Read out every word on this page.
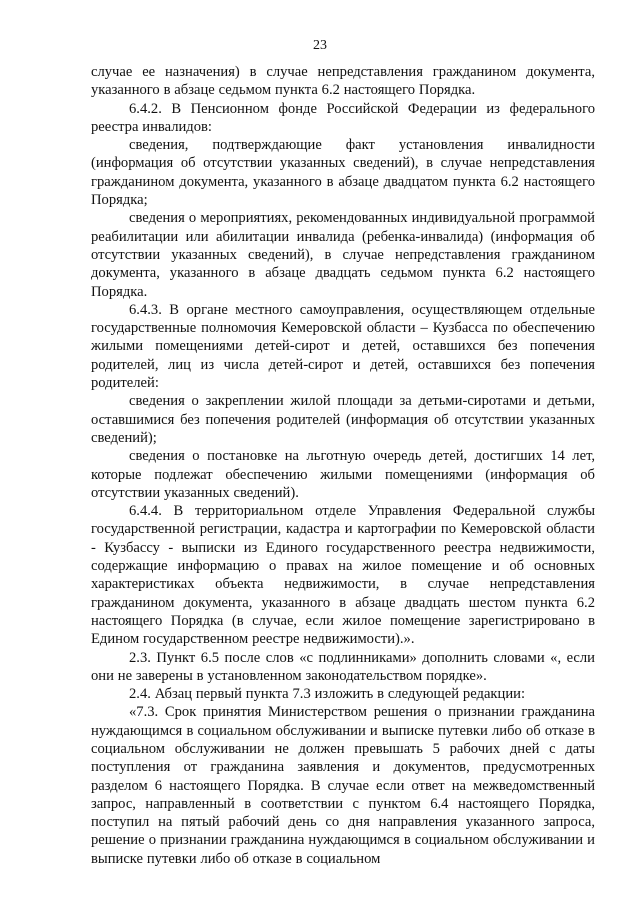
23

случае ее назначения) в случае непредставления гражданином документа, указанного в абзаце седьмом пункта 6.2 настоящего Порядка.

6.4.2. В Пенсионном фонде Российской Федерации из федерального реестра инвалидов:

сведения, подтверждающие факт установления инвалидности (информация об отсутствии указанных сведений), в случае непредставления гражданином документа, указанного в абзаце двадцатом пункта 6.2 настоящего Порядка;

сведения о мероприятиях, рекомендованных индивидуальной программой реабилитации или абилитации инвалида (ребенка-инвалида) (информация об отсутствии указанных сведений), в случае непредставления гражданином документа, указанного в абзаце двадцать седьмом пункта 6.2 настоящего Порядка.

6.4.3. В органе местного самоуправления, осуществляющем отдельные государственные полномочия Кемеровской области – Кузбасса по обеспечению жилыми помещениями детей-сирот и детей, оставшихся без попечения родителей, лиц из числа детей-сирот и детей, оставшихся без попечения родителей:

сведения о закреплении жилой площади за детьми-сиротами и детьми, оставшимися без попечения родителей (информация об отсутствии указанных сведений);

сведения о постановке на льготную очередь детей, достигших 14 лет, которые подлежат обеспечению жилыми помещениями (информация об отсутствии указанных сведений).

6.4.4. В территориальном отделе Управления Федеральной службы государственной регистрации, кадастра и картографии по Кемеровской области - Кузбассу - выписки из Единого государственного реестра недвижимости, содержащие информацию о правах на жилое помещение и об основных характеристиках объекта недвижимости, в случае непредставления гражданином документа, указанного в абзаце двадцать шестом пункта 6.2 настоящего Порядка (в случае, если жилое помещение зарегистрировано в Едином государственном реестре недвижимости).».

2.3. Пункт 6.5 после слов «с подлинниками» дополнить словами «, если они не заверены в установленном законодательством порядке».

2.4. Абзац первый пункта 7.3 изложить в следующей редакции:

«7.3. Срок принятия Министерством решения о признании гражданина нуждающимся в социальном обслуживании и выписке путевки либо об отказе в социальном обслуживании не должен превышать 5 рабочих дней с даты поступления от гражданина заявления и документов, предусмотренных разделом 6 настоящего Порядка. В случае если ответ на межведомственный запрос, направленный в соответствии с пунктом 6.4 настоящего Порядка, поступил на пятый рабочий день со дня направления указанного запроса, решение о признании гражданина нуждающимся в социальном обслуживании и выписке путевки либо об отказе в социальном
